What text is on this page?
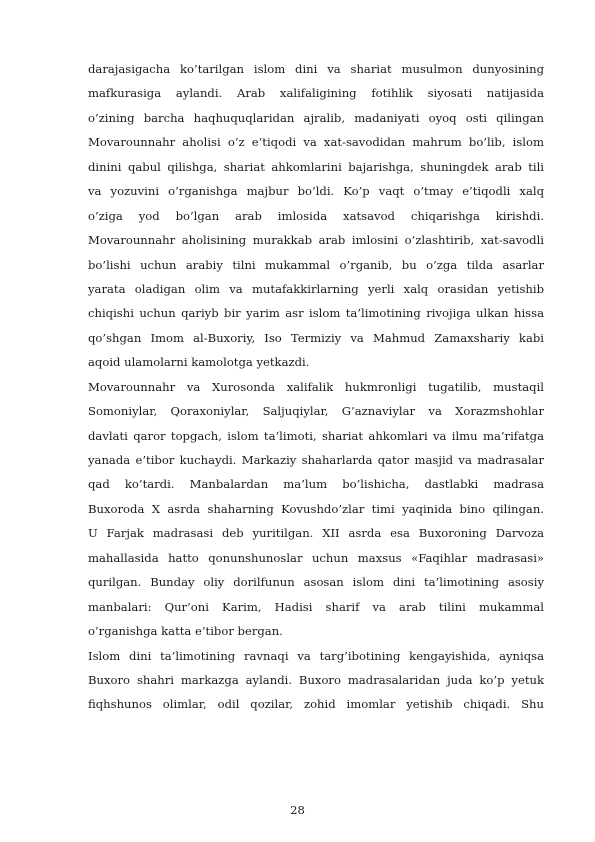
darajasigacha ko’tarilgan islom dini va shariat musulmon dunyosining
mafkurasiga aylandi. Arab xalifaligining fotihlik siyosati natijasida
o’zining barcha haqhuquqlaridan ajralib, madaniyati oyoq osti qilingan
Movarounnahr aholisi o’z e’tiqodi va xat-savodidan mahrum bo’lib, islom
dinini qabul qilishga, shariat ahkomlarini bajarishga, shuningdek arab tili
va yozuvini o’rganishga majbur bo’ldi. Ko’p vaqt o’tmay e’tiqodli xalq
o’ziga yod bo’lgan arab imlosida xatsavod chiqarishga kirishdi.
Movarounnahr aholisining murakkab arab imlosini o’zlashtirib, xat-savodli
bo’lishi uchun arabiy tilni mukammal o’rganib, bu o’zga tilda asarlar
yarata oladigan olim va mutafakkirlarning yerli xalq orasidan yetishib
chiqishi uchun qariyb bir yarim asr islom ta’limotining rivojiga ulkan hissa
qo’shgan Imom al-Buxoriy, Iso Termiziy va Mahmud Zamaxshariy kabi
aqoid ulamolarni kamolotga yetkazdi.
Movarounnahr va Xurosonda xalifalik hukmronligi tugatilib, mustaqil
Somoniylar, Qoraxoniylar, Saljuqiylar, G’aznaviylar va Xorazmshohlar
davlati qaror topgach, islom ta’limoti, shariat ahkomlari va ilmu ma’rifatga
yanada e’tibor kuchaydi. Markaziy shaharlarda qator masjid va madrasalar
qad ko’tardi. Manbalardan ma’lum bo’lishicha, dastlabki madrasa
Buxoroda X asrda shaharning Kovushdo’zlar timi yaqinida bino qilingan.
U Farjak madrasasi deb yuritilgan. XII asrda esa Buxoroning Darvoza
mahallasida hatto qonunshunoslar uchun maxsus «Faqihlar madrasasi»
qurilgan. Bunday oliy dorilfunun asosan islom dini ta’limotining asosiy
manbalari: Qur’oni Karim, Hadisi sharif va arab tilini mukammal
o’rganishga katta e’tibor bergan.
Islom dini ta’limotining ravnaqi va targ’ibotining kengayishida, ayniqsa
Buxoro shahri markazga aylandi. Buxoro madrasalaridan juda ko’p yetuk
fiqhshunos olimlar, odil qozilar, zohid imomlar yetishib chiqadi. Shu
28
